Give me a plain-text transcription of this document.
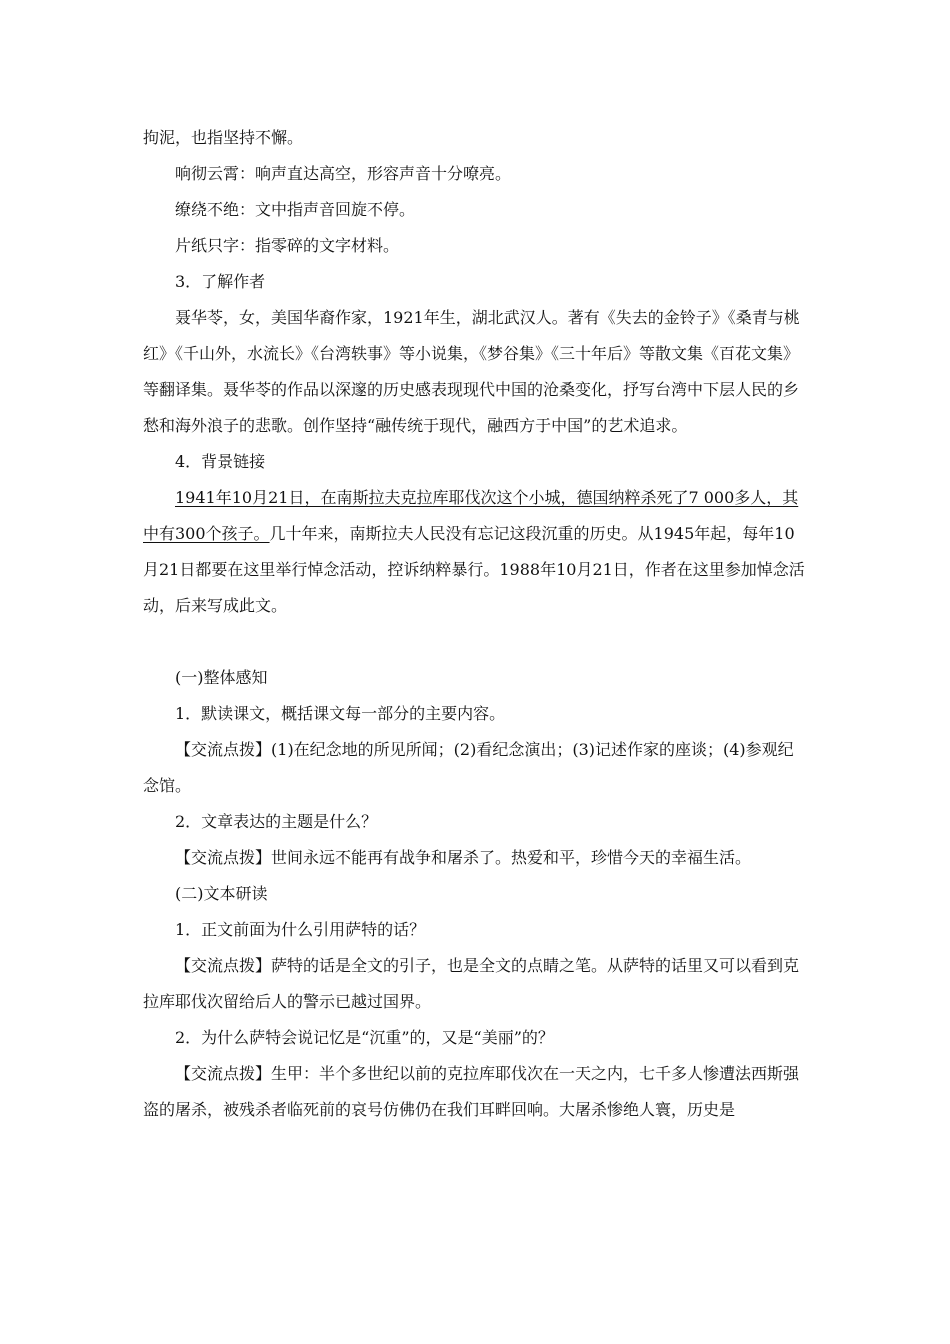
拘泥，也指坚持不懈。

响彻云霄：响声直达高空，形容声音十分嘹亮。

缭绕不绝：文中指声音回旋不停。

片纸只字：指零碎的文字材料。

3．了解作者

聂华苓，女，美国华裔作家，1921年生，湖北武汉人。著有《失去的金铃子》《桑青与桃红》《千山外，水流长》《台湾轶事》等小说集，《梦谷集》《三十年后》等散文集《百花文集》等翻译集。聂华苓的作品以深邃的历史感表现现代中国的沧桑变化，抒写台湾中下层人民的乡愁和海外浪子的悲歌。创作坚持“融传统于现代，融西方于中国”的艺术追求。

4．背景链接

1941年10月21日，在南斯拉夫克拉库耶伐次这个小城，德国纳粹杀死了7 000多人，其中有300个孩子。几十年来，南斯拉夫人民没有忘记这段沉重的历史。从1945年起，每年10月21日都要在这里举行悼念活动，控诉纳粹暴行。1988年10月21日，作者在这里参加悼念活动，后来写成此文。

(一)整体感知

1．默读课文，概括课文每一部分的主要内容。

【交流点拨】(1)在纪念地的所见所闻；(2)看纪念演出；(3)记述作家的座谈；(4)参观纪念馆。

2．文章表达的主题是什么？

【交流点拨】世间永远不能再有战争和屠杀了。热爱和平，珍惜今天的幸福生活。

(二)文本研读

1．正文前面为什么引用萨特的话？

【交流点拨】萨特的话是全文的引子，也是全文的点睛之笔。从萨特的话里又可以看到克拉库耶伐次留给后人的警示已越过国界。

2．为什么萨特会说记忆是“沉重”的，又是“美丽”的？

【交流点拨】生甲：半个多世纪以前的克拉库耶伐次在一天之内，七千多人惨遭法西斯强盗的屠杀，被残杀者临死前的哀号仿佛仍在我们耳畔回响。大屠杀惨绝人寰，历史是
